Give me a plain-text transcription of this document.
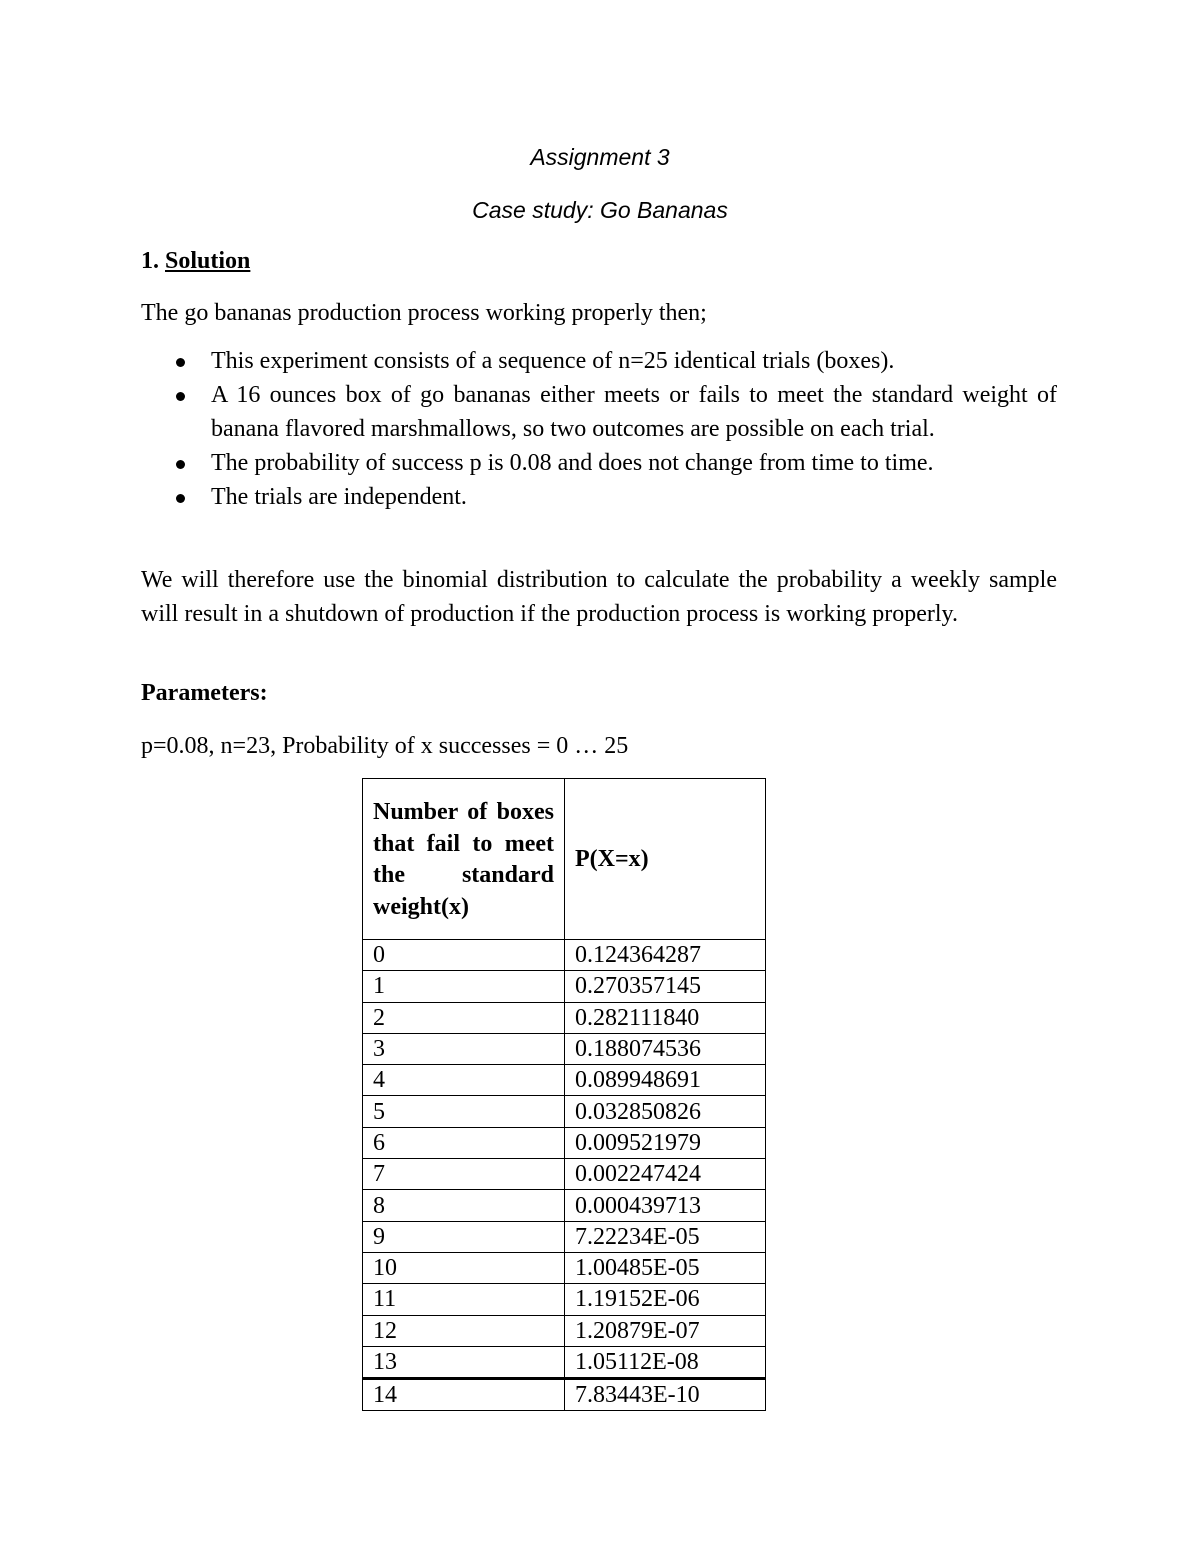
Assignment 3
Case study: Go Bananas

1. Solution

The go bananas production process working properly then;

This experiment consists of a sequence of n=25 identical trials (boxes).
A 16 ounces box of go bananas either meets or fails to meet the standard weight of banana flavored marshmallows, so two outcomes are possible on each trial.
The probability of success p is 0.08 and does not change from time to time.
The trials are independent.

We will therefore use the binomial distribution to calculate the probability a weekly sample will result in a shutdown of production if the production process is working properly.

Parameters:

p=0.08, n=23, Probability of x successes = 0 … 25

Number of boxes that fail to meet the standard weight(x)	P(X=x)
0	0.124364287
1	0.270357145
2	0.282111840
3	0.188074536
4	0.089948691
5	0.032850826
6	0.009521979
7	0.002247424
8	0.000439713
9	7.22234E-05
10	1.00485E-05
11	1.19152E-06
12	1.20879E-07
13	1.05112E-08
14	7.83443E-10
